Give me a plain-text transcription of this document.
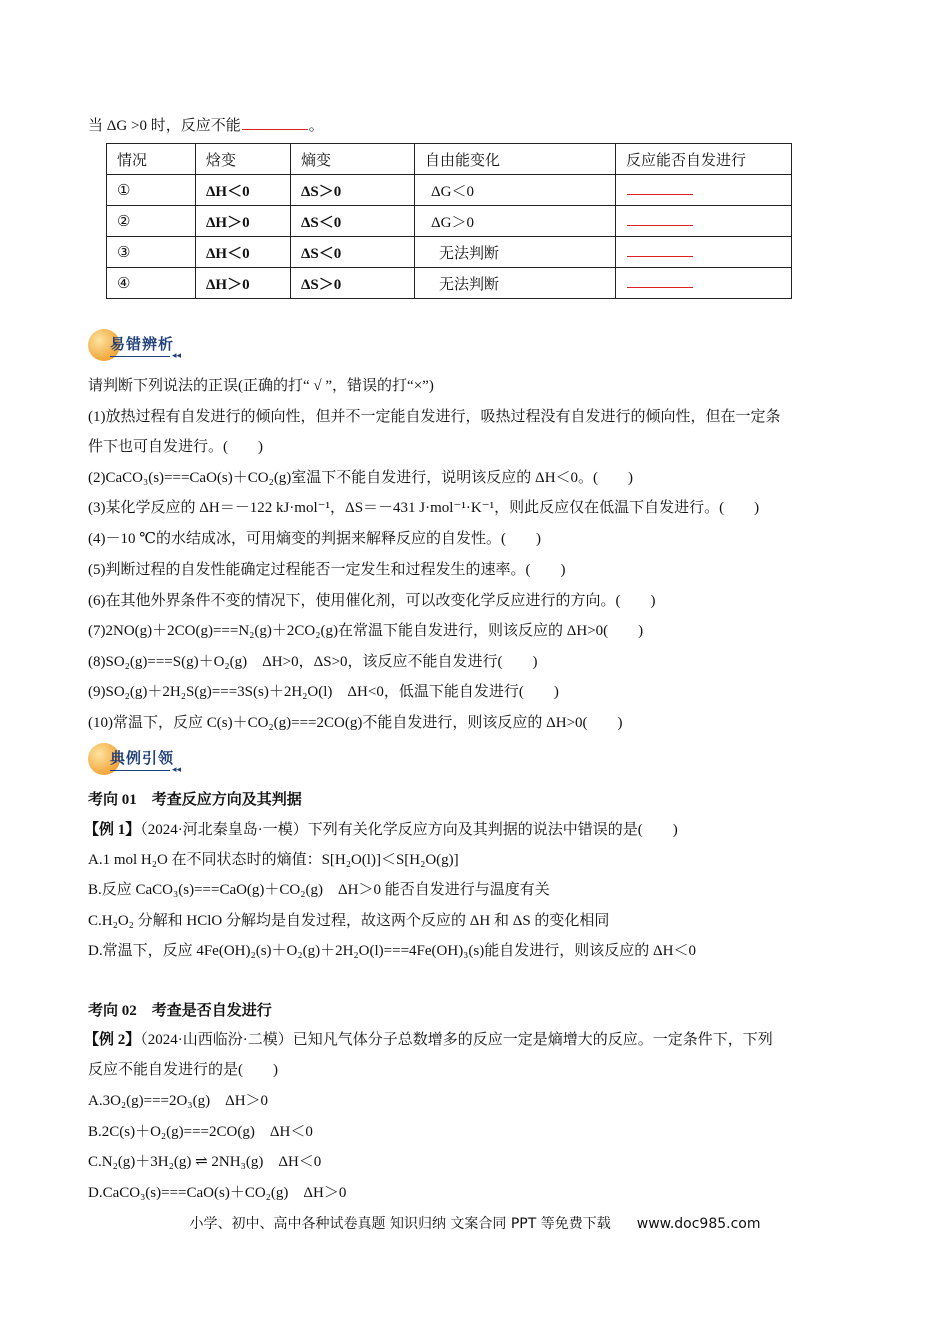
当 ΔG >0 时，反应不能	。
情况	焓变	熵变	自由能变化	反应能否自发进行
①	ΔH＜0	ΔS＞0	ΔG＜0	
②	ΔH＞0	ΔS＜0	ΔG＞0	
③	ΔH＜0	ΔS＜0	无法判断	
④	ΔH＞0	ΔS＞0	无法判断	
易错辨析
◂◂
请判断下列说法的正误(正确的打“ √ ”，错误的打“×”)
(1)放热过程有自发进行的倾向性，但并不一定能自发进行，吸热过程没有自发进行的倾向性，但在一定条
件下也可自发进行。(　　)
(2)CaCO₃(s)===CaO(s)＋CO₂(g)室温下不能自发进行，说明该反应的 ΔH＜0。(　　)
(3)某化学反应的 ΔH＝－122 kJ·mol⁻¹，ΔS＝－431 J·mol⁻¹·K⁻¹，则此反应仅在低温下自发进行。(　　)
(4)－10 ℃的水结成冰，可用熵变的判据来解释反应的自发性。(　　)
(5)判断过程的自发性能确定过程能否一定发生和过程发生的速率。(　　)
(6)在其他外界条件不变的情况下，使用催化剂，可以改变化学反应进行的方向。(　　)
(7)2NO(g)＋2CO(g)===N₂(g)＋2CO₂(g)在常温下能自发进行，则该反应的 ΔH>0(　　)
(8)SO₂(g)===S(g)＋O₂(g)　ΔH>0，ΔS>0，该反应不能自发进行(　　)
(9)SO₂(g)＋2H₂S(g)===3S(s)＋2H₂O(l)　ΔH<0，低温下能自发进行(　　)
(10)常温下，反应 C(s)＋CO₂(g)===2CO(g)不能自发进行，则该反应的 ΔH>0(　　)
典例引领
◂◂
考向 01　考查反应方向及其判据
【例 1】（2024·河北秦皇岛·一模）下列有关化学反应方向及其判据的说法中错误的是(　　)
A.1 mol H₂O 在不同状态时的熵值：S[H₂O(l)]＜S[H₂O(g)]
B.反应 CaCO₃(s)===CaO(g)＋CO₂(g)　ΔH＞0 能否自发进行与温度有关
C.H₂O₂ 分解和 HClO 分解均是自发过程，故这两个反应的 ΔH 和 ΔS 的变化相同
D.常温下，反应 4Fe(OH)₂(s)＋O₂(g)＋2H₂O(l)===4Fe(OH)₃(s)能自发进行，则该反应的 ΔH＜0
考向 02　考查是否自发进行
【例 2】（2024·山西临汾·二模）已知凡气体分子总数增多的反应一定是熵增大的反应。一定条件下，下列
反应不能自发进行的是(　　)
A.3O₂(g)===2O₃(g)　ΔH＞0
B.2C(s)＋O₂(g)===2CO(g)　ΔH＜0
C.N₂(g)＋3H₂(g) ⇌ 2NH₃(g)　ΔH＜0
D.CaCO₃(s)===CaO(s)＋CO₂(g)　ΔH＞0
小学、初中、高中各种试卷真题 知识归纳 文案合同 PPT 等免费下载 www.doc985.com
